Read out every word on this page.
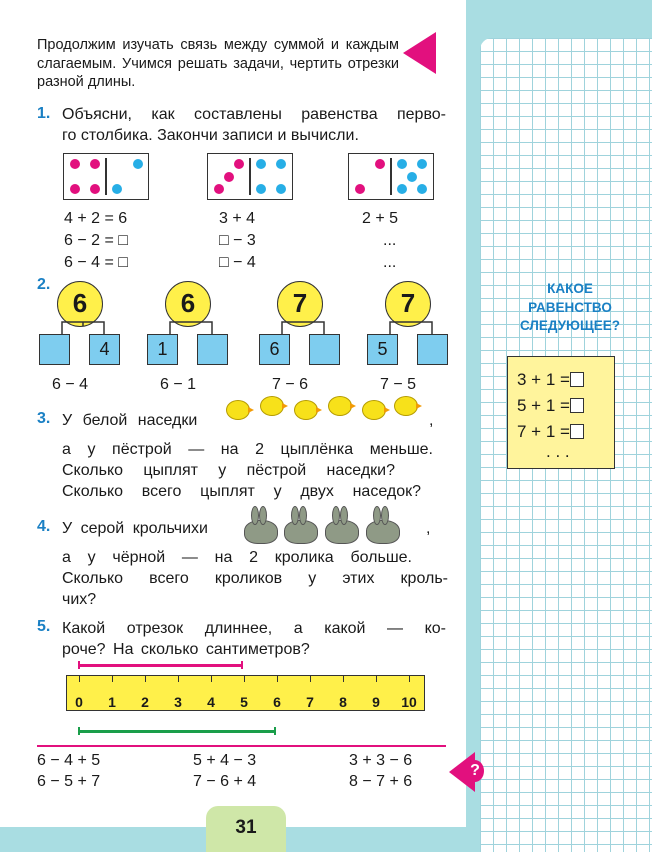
Продолжим изучать связь между суммой и каждым слагаемым. Учимся решать задачи, чертить отрезки разной длины.
1. Объясни, как составлены равенства перво-
го столбика. Закончи записи и вычисли.
4 + 2 = 6
6 − 2 = □
6 − 4 = □
3 + 4
□ − 3
□ − 4
2 + 5
...
...
2.
6
4
6 − 4
6
1
6 − 1
7
6
7 − 6
7
5
7 − 5
3. У белой наседки	,
а у пёстрой — на 2 цыплёнка меньше.
Сколько цыплят у пёстрой наседки?
Сколько всего цыплят у двух наседок?
4. У серой крольчихи	,
а у чёрной — на 2 кролика больше.
Сколько всего кроликов у этих кроль-
чих?
5. Какой отрезок длиннее, а какой — ко-
роче? На сколько сантиметров?
0	1	2	3	4	5	6	7	8	9	10
6 − 4 + 5
6 − 5 + 7
5 + 4 − 3
7 − 6 + 4
3 + 3 − 6
8 − 7 + 6
?
31
КАКОЕ
РАВЕНСТВО
СЛЕДУЮЩЕЕ?
3 + 1 =
5 + 1 =
7 + 1 =
. . .
